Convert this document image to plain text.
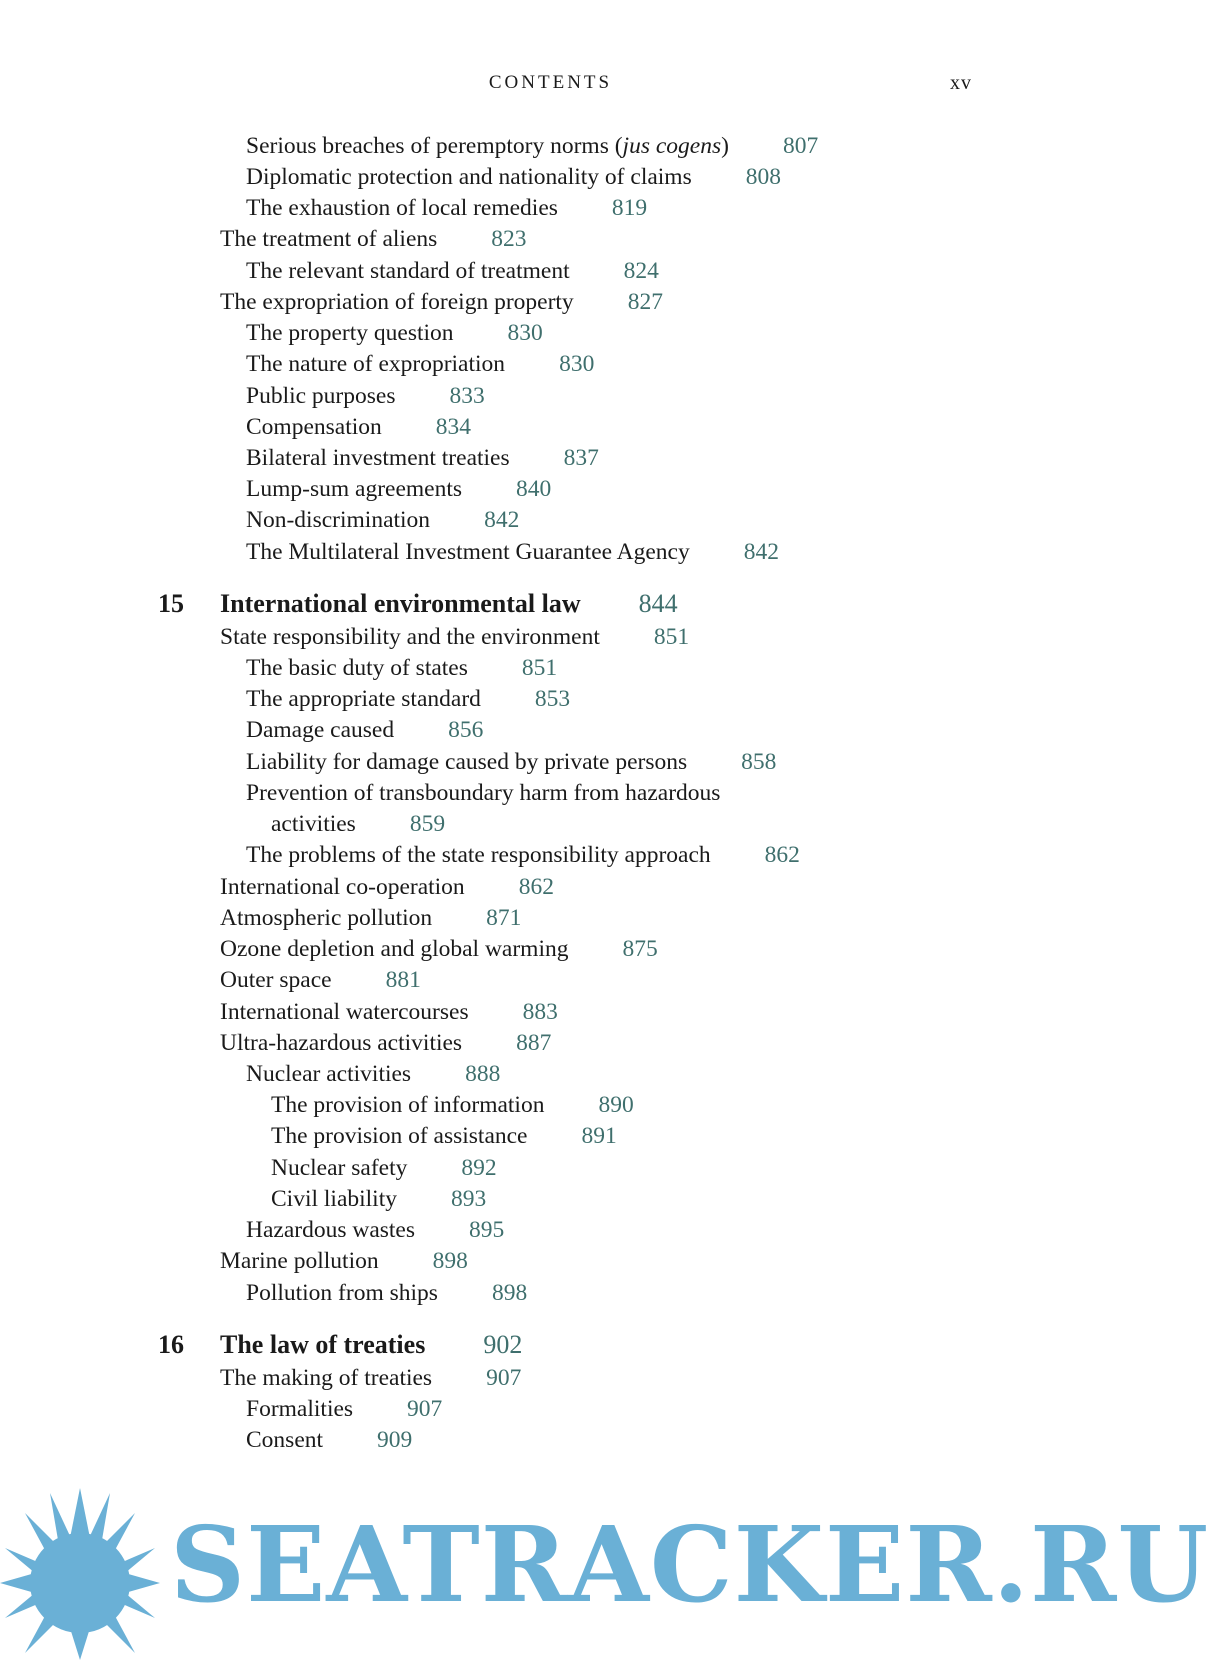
CONTENTS	xv
Serious breaches of peremptory norms (jus cogens) 807
Diplomatic protection and nationality of claims 808
The exhaustion of local remedies 819
The treatment of aliens 823
The relevant standard of treatment 824
The expropriation of foreign property 827
The property question 830
The nature of expropriation 830
Public purposes 833
Compensation 834
Bilateral investment treaties 837
Lump-sum agreements 840
Non-discrimination 842
The Multilateral Investment Guarantee Agency 842
15 International environmental law 844
State responsibility and the environment 851
The basic duty of states 851
The appropriate standard 853
Damage caused 856
Liability for damage caused by private persons 858
Prevention of transboundary harm from hazardous
activities 859
The problems of the state responsibility approach 862
International co-operation 862
Atmospheric pollution 871
Ozone depletion and global warming 875
Outer space 881
International watercourses 883
Ultra-hazardous activities 887
Nuclear activities 888
The provision of information 890
The provision of assistance 891
Nuclear safety 892
Civil liability 893
Hazardous wastes 895
Marine pollution 898
Pollution from ships 898
16 The law of treaties 902
The making of treaties 907
Formalities 907
Consent 909
SEATRACKER.RU
